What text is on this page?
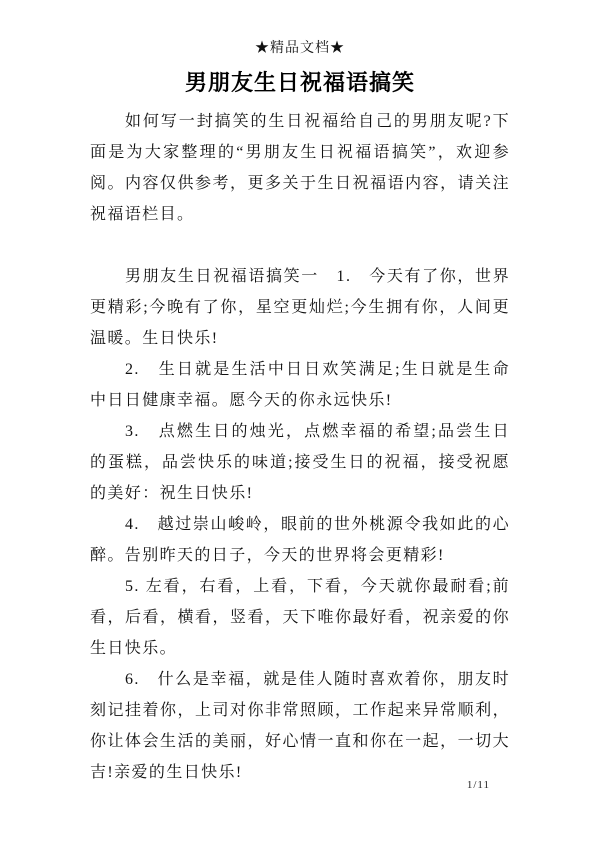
★精品文档★
男朋友生日祝福语搞笑

如何写一封搞笑的生日祝福给自己的男朋友呢?下面是为大家整理的“男朋友生日祝福语搞笑”，欢迎参阅。内容仅供参考，更多关于生日祝福语内容，请关注祝福语栏目。

男朋友生日祝福语搞笑一　1.　今天有了你，世界更精彩;今晚有了你，星空更灿烂;今生拥有你，人间更温暖。生日快乐!

2.　生日就是生活中日日欢笑满足;生日就是生命中日日健康幸福。愿今天的你永远快乐!

3.　点燃生日的烛光，点燃幸福的希望;品尝生日的蛋糕，品尝快乐的味道;接受生日的祝福，接受祝愿的美好：祝生日快乐!

4.　越过崇山峻岭，眼前的世外桃源令我如此的心醉。告别昨天的日子，今天的世界将会更精彩!

5. 左看，右看，上看，下看，今天就你最耐看;前看，后看，横看，竖看，天下唯你最好看，祝亲爱的你生日快乐。

6.　什么是幸福，就是佳人随时喜欢着你，朋友时刻记挂着你，上司对你非常照顾，工作起来异常顺利，你让体会生活的美丽，好心情一直和你在一起，一切大吉!亲爱的生日快乐!

1/11
